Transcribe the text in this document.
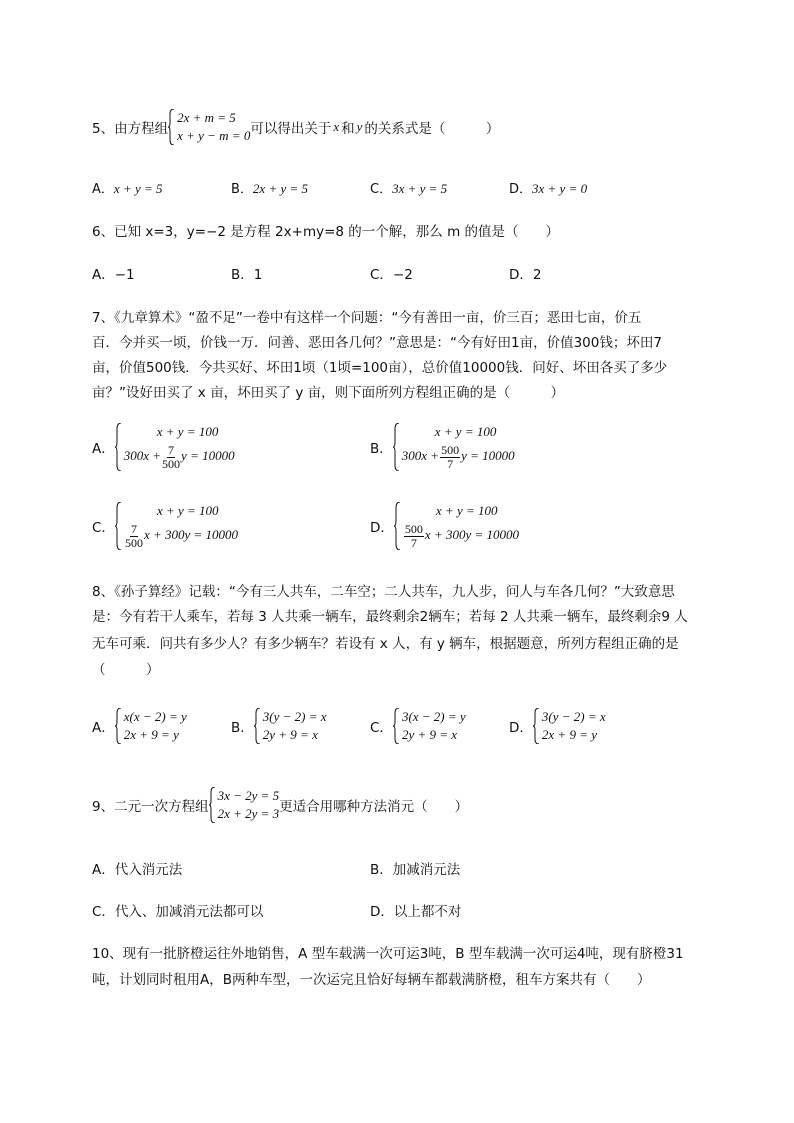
5、由方程组
2x + m = 5
x + y − m = 0 可以得出关于 x 和 y 的关系式是（　　　）
A．x + y = 5	B．2x + y = 5	C．3x + y = 5	D．3x + y = 0
6、已知 x=3，y=−2 是方程 2x+my=8 的一个解，那么 m 的值是（　　）
A．−1	B．1	C．−2	D．2
7、《九章算术》“盈不足”一卷中有这样一个问题：“今有善田一亩，价三百；恶田七亩，价五
百．今并买一顷，价钱一万．问善、恶田各几何？”意思是：“今有好田1亩，价值300钱；坏田7
亩，价值500钱．今共买好、坏田1顷（1顷=100亩），总价值10000钱．问好、坏田各买了多少
亩？”设好田买了 x 亩，坏田买了 y 亩，则下面所列方程组正确的是（　　　）
A．
x + y = 100
$300x + \frac{7}{500}$ y = 10000	B．
x + y = 100
$300x + \frac{500}{7}$ y = 10000
C．
x + y = 100
$\frac{7}{500}$ x + 300y = 10000	D．
x + y = 100
$\frac{500}{7}$ x + 300y = 10000
8、《孙子算经》记载：“今有三人共车，二车空；二人共车，九人步，问人与车各几何？”大致意思
是：今有若干人乘车，若每 3 人共乘一辆车，最终剩余2辆车；若每 2 人共乘一辆车，最终剩余9 人
无车可乘．问共有多少人？有多少辆车？若设有 x 人，有 y 辆车，根据题意，所列方程组正确的是
（　　　）
A．
x(x − 2) = y
2x + 9 = y	B．
3(y − 2) = x
2y + 9 = x	C．
3(x − 2) = y
2y + 9 = x	D．
3(y − 2) = x
2x + 9 = y
9、二元一次方程组
3x − 2y = 5
2x + 2y = 3 更适合用哪种方法消元（　　）
A．代入消元法	B．加减消元法
C．代入、加减消元法都可以	D．以上都不对
10、现有一批脐橙运往外地销售，A 型车载满一次可运3吨，B 型车载满一次可运4吨，现有脐橙31
吨，计划同时租用A，B两种车型，一次运完且恰好每辆车都载满脐橙，租车方案共有（　　）
